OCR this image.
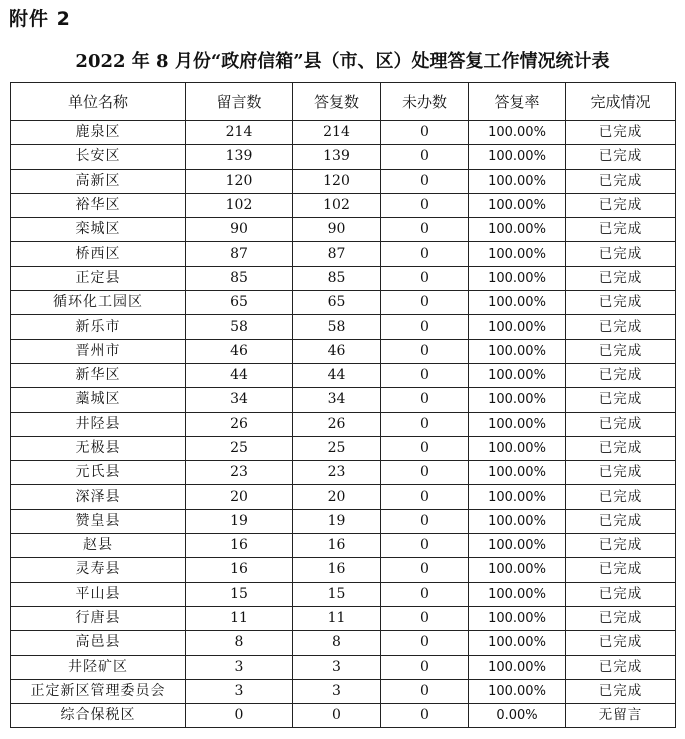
附件 2
2022 年 8 月份“政府信箱”县（市、区）处理答复工作情况统计表
单位名称	留言数	答复数	未办数	答复率	完成情况
鹿泉区	214	214	0	100.00%	已完成
长安区	139	139	0	100.00%	已完成
高新区	120	120	0	100.00%	已完成
裕华区	102	102	0	100.00%	已完成
栾城区	90	90	0	100.00%	已完成
桥西区	87	87	0	100.00%	已完成
正定县	85	85	0	100.00%	已完成
循环化工园区	65	65	0	100.00%	已完成
新乐市	58	58	0	100.00%	已完成
晋州市	46	46	0	100.00%	已完成
新华区	44	44	0	100.00%	已完成
藁城区	34	34	0	100.00%	已完成
井陉县	26	26	0	100.00%	已完成
无极县	25	25	0	100.00%	已完成
元氏县	23	23	0	100.00%	已完成
深泽县	20	20	0	100.00%	已完成
赞皇县	19	19	0	100.00%	已完成
赵县	16	16	0	100.00%	已完成
灵寿县	16	16	0	100.00%	已完成
平山县	15	15	0	100.00%	已完成
行唐县	11	11	0	100.00%	已完成
高邑县	8	8	0	100.00%	已完成
井陉矿区	3	3	0	100.00%	已完成
正定新区管理委员会	3	3	0	100.00%	已完成
综合保税区	0	0	0	0.00%	无留言
